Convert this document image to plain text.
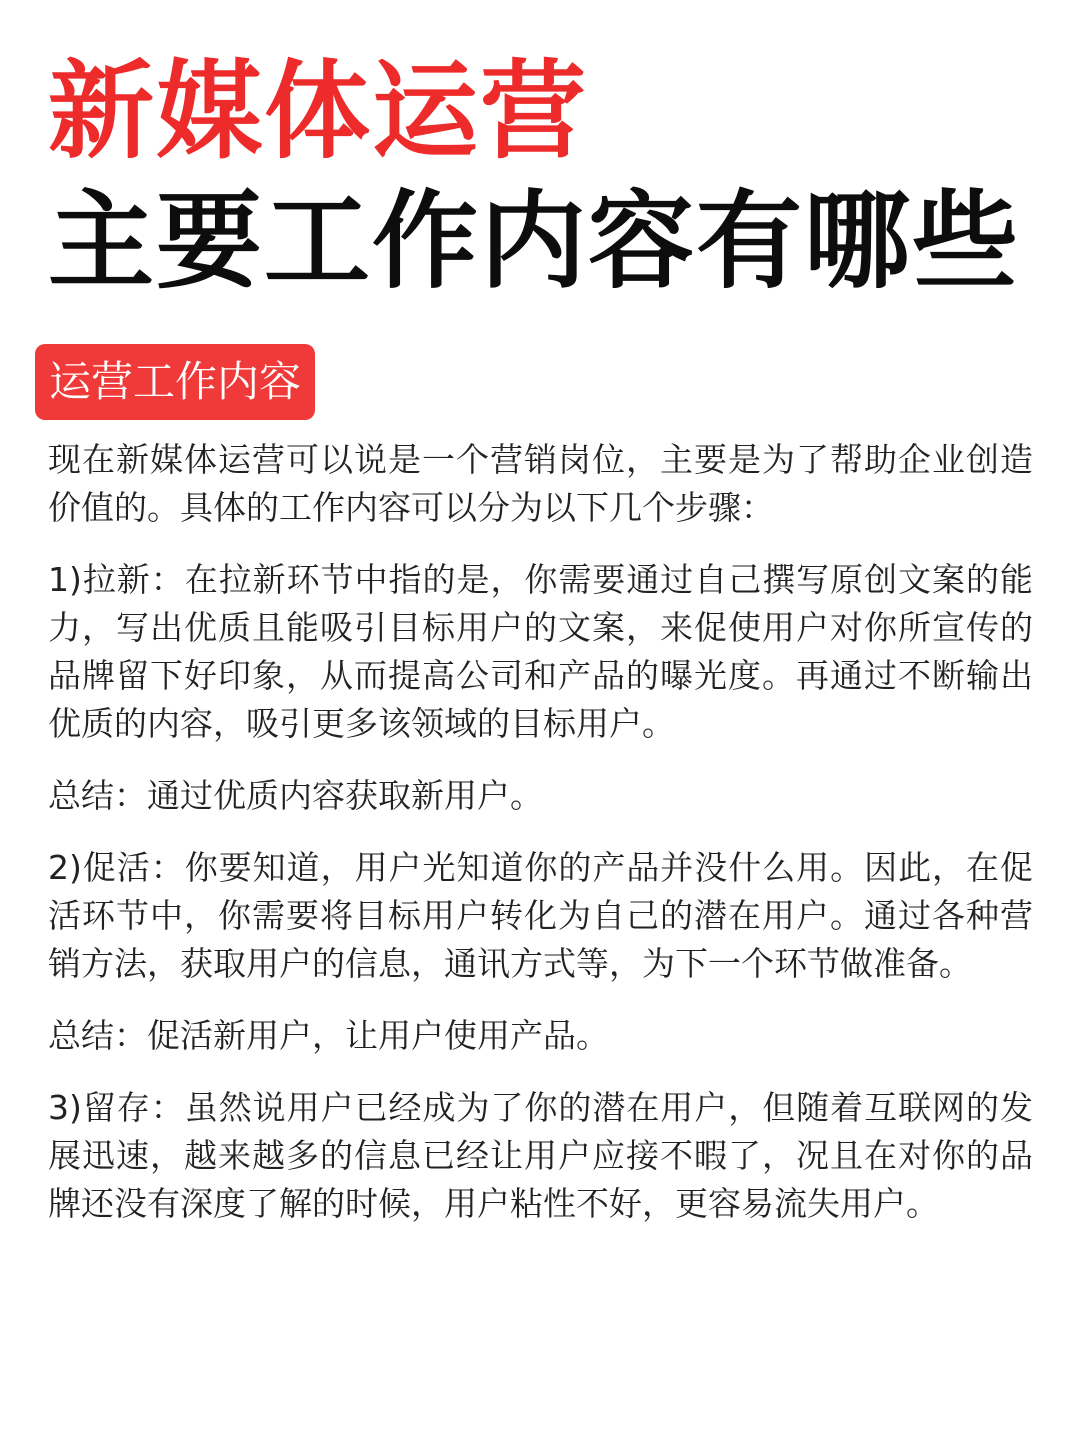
新媒体运营
主要工作内容有哪些
运营工作内容

现在新媒体运营可以说是一个营销岗位，主要是为了帮助企业创造价值的。具体的工作内容可以分为以下几个步骤：

1)拉新：在拉新环节中指的是，你需要通过自己撰写原创文案的能力，写出优质且能吸引目标用户的文案，来促使用户对你所宣传的品牌留下好印象，从而提高公司和产品的曝光度。再通过不断输出优质的内容，吸引更多该领域的目标用户。

总结：通过优质内容获取新用户。

2)促活：你要知道，用户光知道你的产品并没什么用。因此，在促活环节中，你需要将目标用户转化为自己的潜在用户。通过各种营销方法，获取用户的信息，通讯方式等，为下一个环节做准备。

总结：促活新用户，让用户使用产品。

3)留存：虽然说用户已经成为了你的潜在用户，但随着互联网的发展迅速，越来越多的信息已经让用户应接不暇了，况且在对你的品牌还没有深度了解的时候，用户粘性不好，更容易流失用户。
